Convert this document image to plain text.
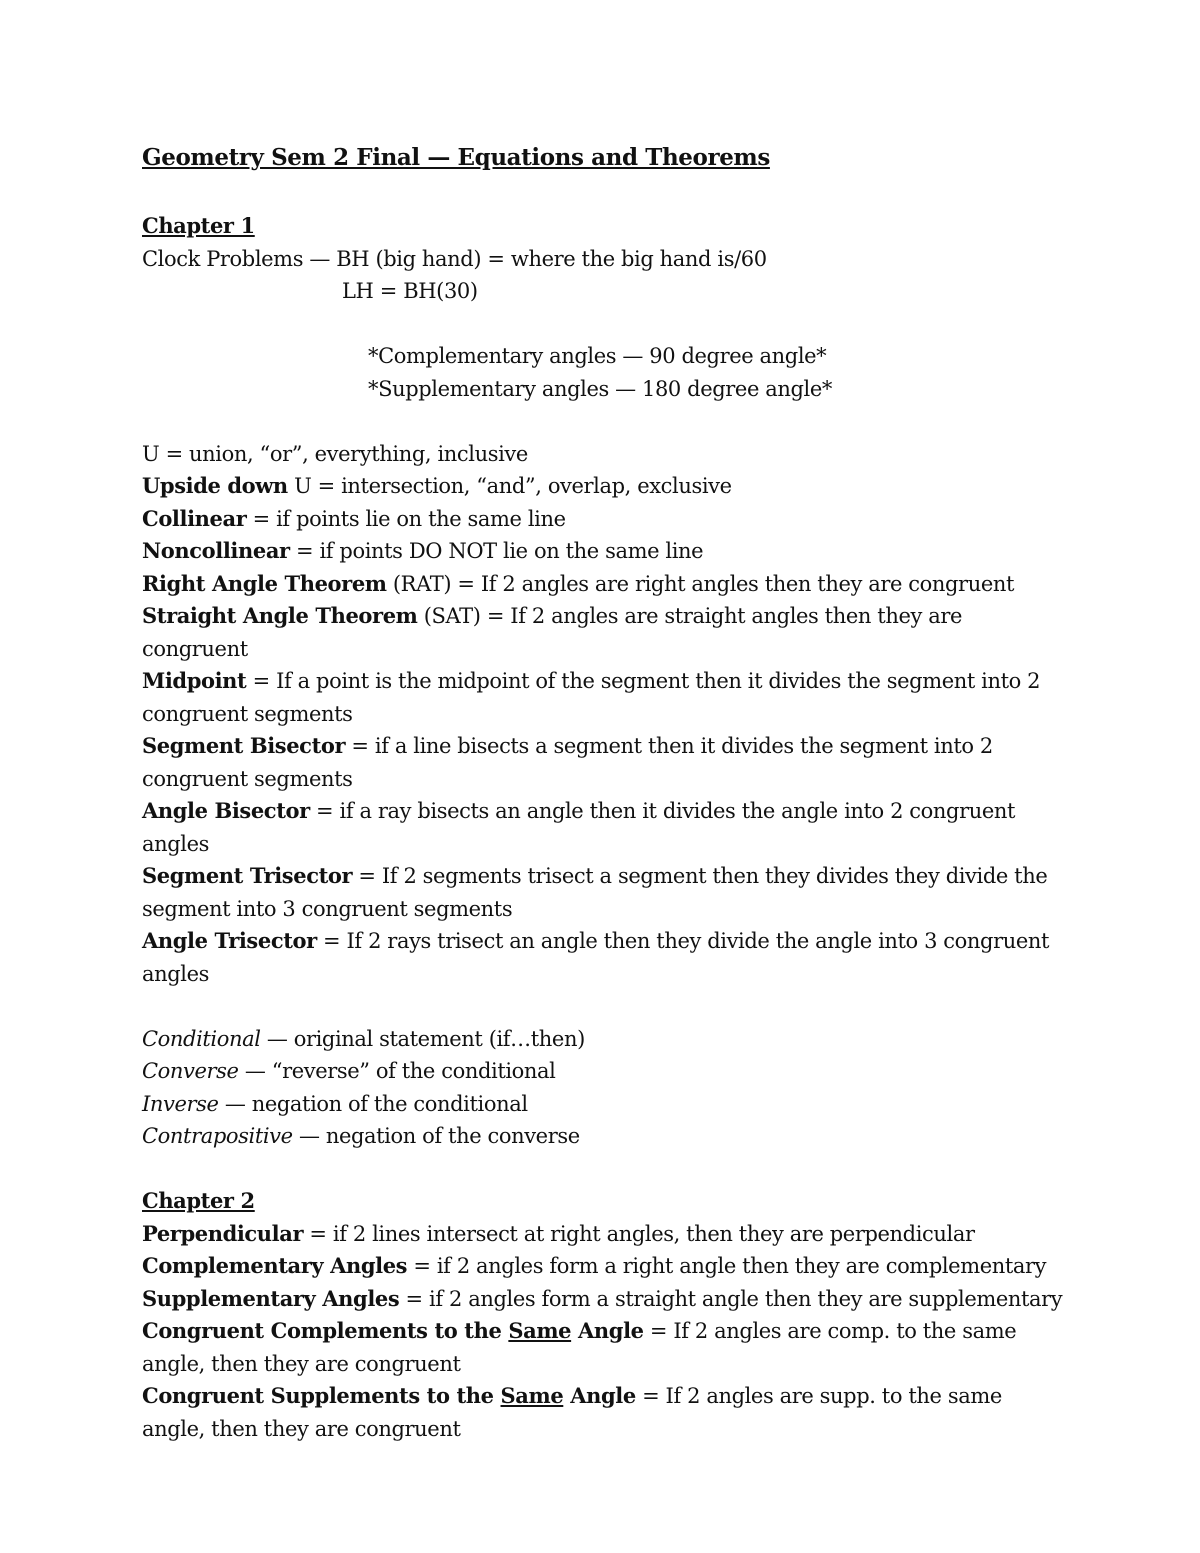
Geometry Sem 2 Final — Equations and Theorems

Chapter 1

Clock Problems — BH (big hand) = where the big hand is/60

LH = BH(30)

*Complementary angles — 90 degree angle*

*Supplementary angles — 180 degree angle*

U = union, “or”, everything, inclusive

Upside down U = intersection, “and”, overlap, exclusive

Collinear = if points lie on the same line

Noncollinear = if points DO NOT lie on the same line

Right Angle Theorem (RAT) = If 2 angles are right angles then they are congruent

Straight Angle Theorem (SAT) = If 2 angles are straight angles then they are congruent

Midpoint = If a point is the midpoint of the segment then it divides the segment into 2 congruent segments

Segment Bisector = if a line bisects a segment then it divides the segment into 2 congruent segments

Angle Bisector = if a ray bisects an angle then it divides the angle into 2 congruent angles

Segment Trisector = If 2 segments trisect a segment then they divides they divide the segment into 3 congruent segments

Angle Trisector = If 2 rays trisect an angle then they divide the angle into 3 congruent angles

Conditional — original statement (if…then)

Converse — “reverse” of the conditional

Inverse — negation of the conditional

Contrapositive — negation of the converse

Chapter 2

Perpendicular = if 2 lines intersect at right angles, then they are perpendicular

Complementary Angles = if 2 angles form a right angle then they are complementary

Supplementary Angles = if 2 angles form a straight angle then they are supplementary

Congruent Complements to the Same Angle = If 2 angles are comp. to the same angle, then they are congruent

Congruent Supplements to the Same Angle = If 2 angles are supp. to the same angle, then they are congruent
